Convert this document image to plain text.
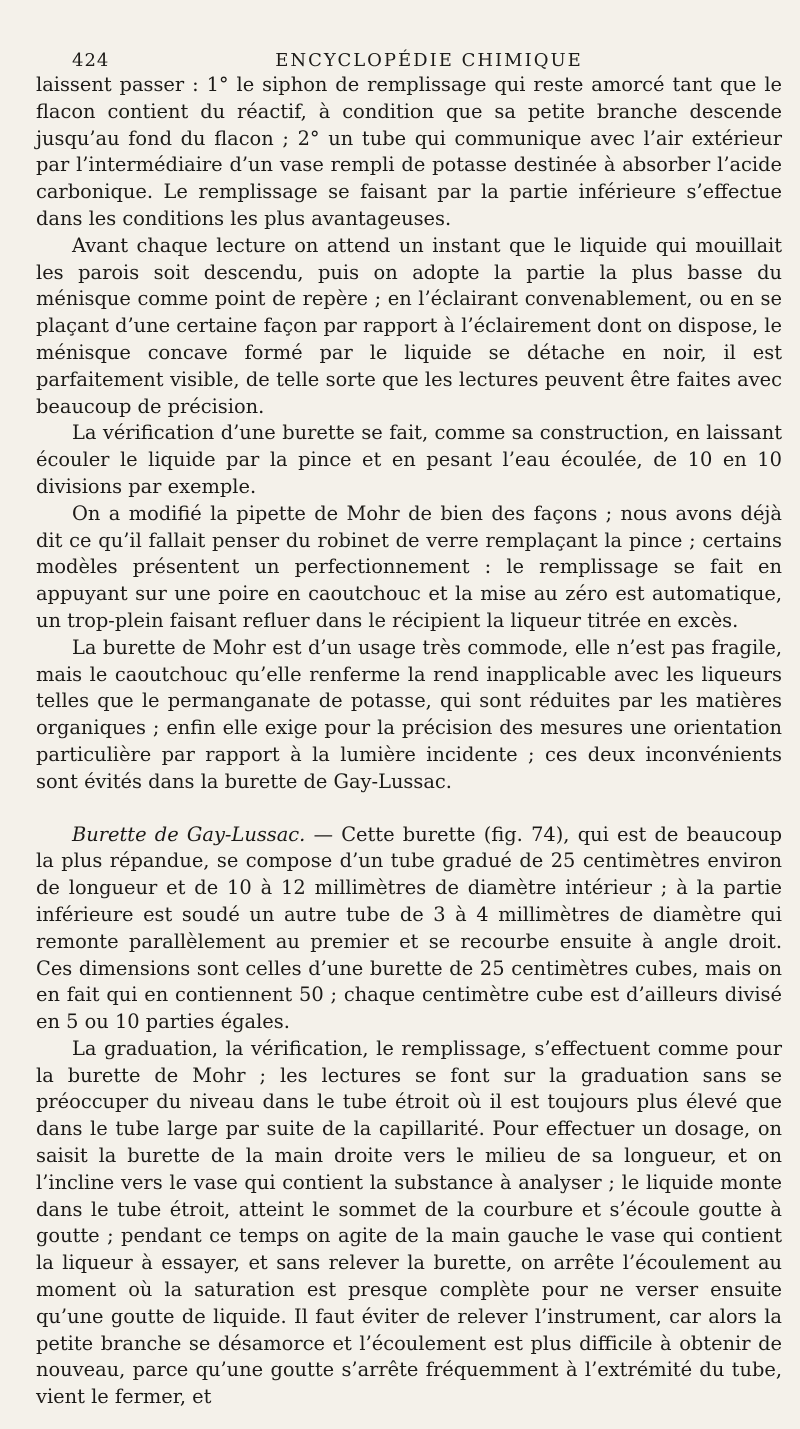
424	ENCYCLOPÉDIE CHIMIQUE

laissent passer : 1° le siphon de remplissage qui reste amorcé tant que le flacon contient du réactif, à condition que sa petite branche descende jusqu’au fond du flacon ; 2° un tube qui communique avec l’air extérieur par l’intermédiaire d’un vase rempli de potasse destinée à absorber l’acide carbonique. Le remplissage se faisant par la partie inférieure s’effectue dans les conditions les plus avantageuses.

Avant chaque lecture on attend un instant que le liquide qui mouillait les parois soit descendu, puis on adopte la partie la plus basse du ménisque comme point de repère ; en l’éclairant convenablement, ou en se plaçant d’une certaine façon par rapport à l’éclairement dont on dispose, le ménisque concave formé par le liquide se détache en noir, il est parfaitement visible, de telle sorte que les lectures peuvent être faites avec beaucoup de précision.

La vérification d’une burette se fait, comme sa construction, en laissant écouler le liquide par la pince et en pesant l’eau écoulée, de 10 en 10 divisions par exemple.

On a modifié la pipette de Mohr de bien des façons ; nous avons déjà dit ce qu’il fallait penser du robinet de verre remplaçant la pince ; certains modèles présentent un perfectionnement : le remplissage se fait en appuyant sur une poire en caoutchouc et la mise au zéro est automatique, un trop-plein faisant refluer dans le récipient la liqueur titrée en excès.

La burette de Mohr est d’un usage très commode, elle n’est pas fragile, mais le caoutchouc qu’elle renferme la rend inapplicable avec les liqueurs telles que le permanganate de potasse, qui sont réduites par les matières organiques ; enfin elle exige pour la précision des mesures une orientation particulière par rapport à la lumière incidente ; ces deux inconvénients sont évités dans la burette de Gay-Lussac.

Burette de Gay-Lussac. — Cette burette (fig. 74), qui est de beaucoup la plus répandue, se compose d’un tube gradué de 25 centimètres environ de longueur et de 10 à 12 millimètres de diamètre intérieur ; à la partie inférieure est soudé un autre tube de 3 à 4 millimètres de diamètre qui remonte parallèlement au premier et se recourbe ensuite à angle droit. Ces dimensions sont celles d’une burette de 25 centimètres cubes, mais on en fait qui en contiennent 50 ; chaque centimètre cube est d’ailleurs divisé en 5 ou 10 parties égales.

La graduation, la vérification, le remplissage, s’effectuent comme pour la burette de Mohr ; les lectures se font sur la graduation sans se préoccuper du niveau dans le tube étroit où il est toujours plus élevé que dans le tube large par suite de la capillarité. Pour effectuer un dosage, on saisit la burette de la main droite vers le milieu de sa longueur, et on l’incline vers le vase qui contient la substance à analyser ; le liquide monte dans le tube étroit, atteint le sommet de la courbure et s’écoule goutte à goutte ; pendant ce temps on agite de la main gauche le vase qui contient la liqueur à essayer, et sans relever la burette, on arrête l’écoulement au moment où la saturation est presque complète pour ne verser ensuite qu’une goutte de liquide. Il faut éviter de relever l’instrument, car alors la petite branche se désamorce et l’écoulement est plus difficile à obtenir de nouveau, parce qu’une goutte s’arrête fréquemment à l’extrémité du tube, vient le fermer, et
